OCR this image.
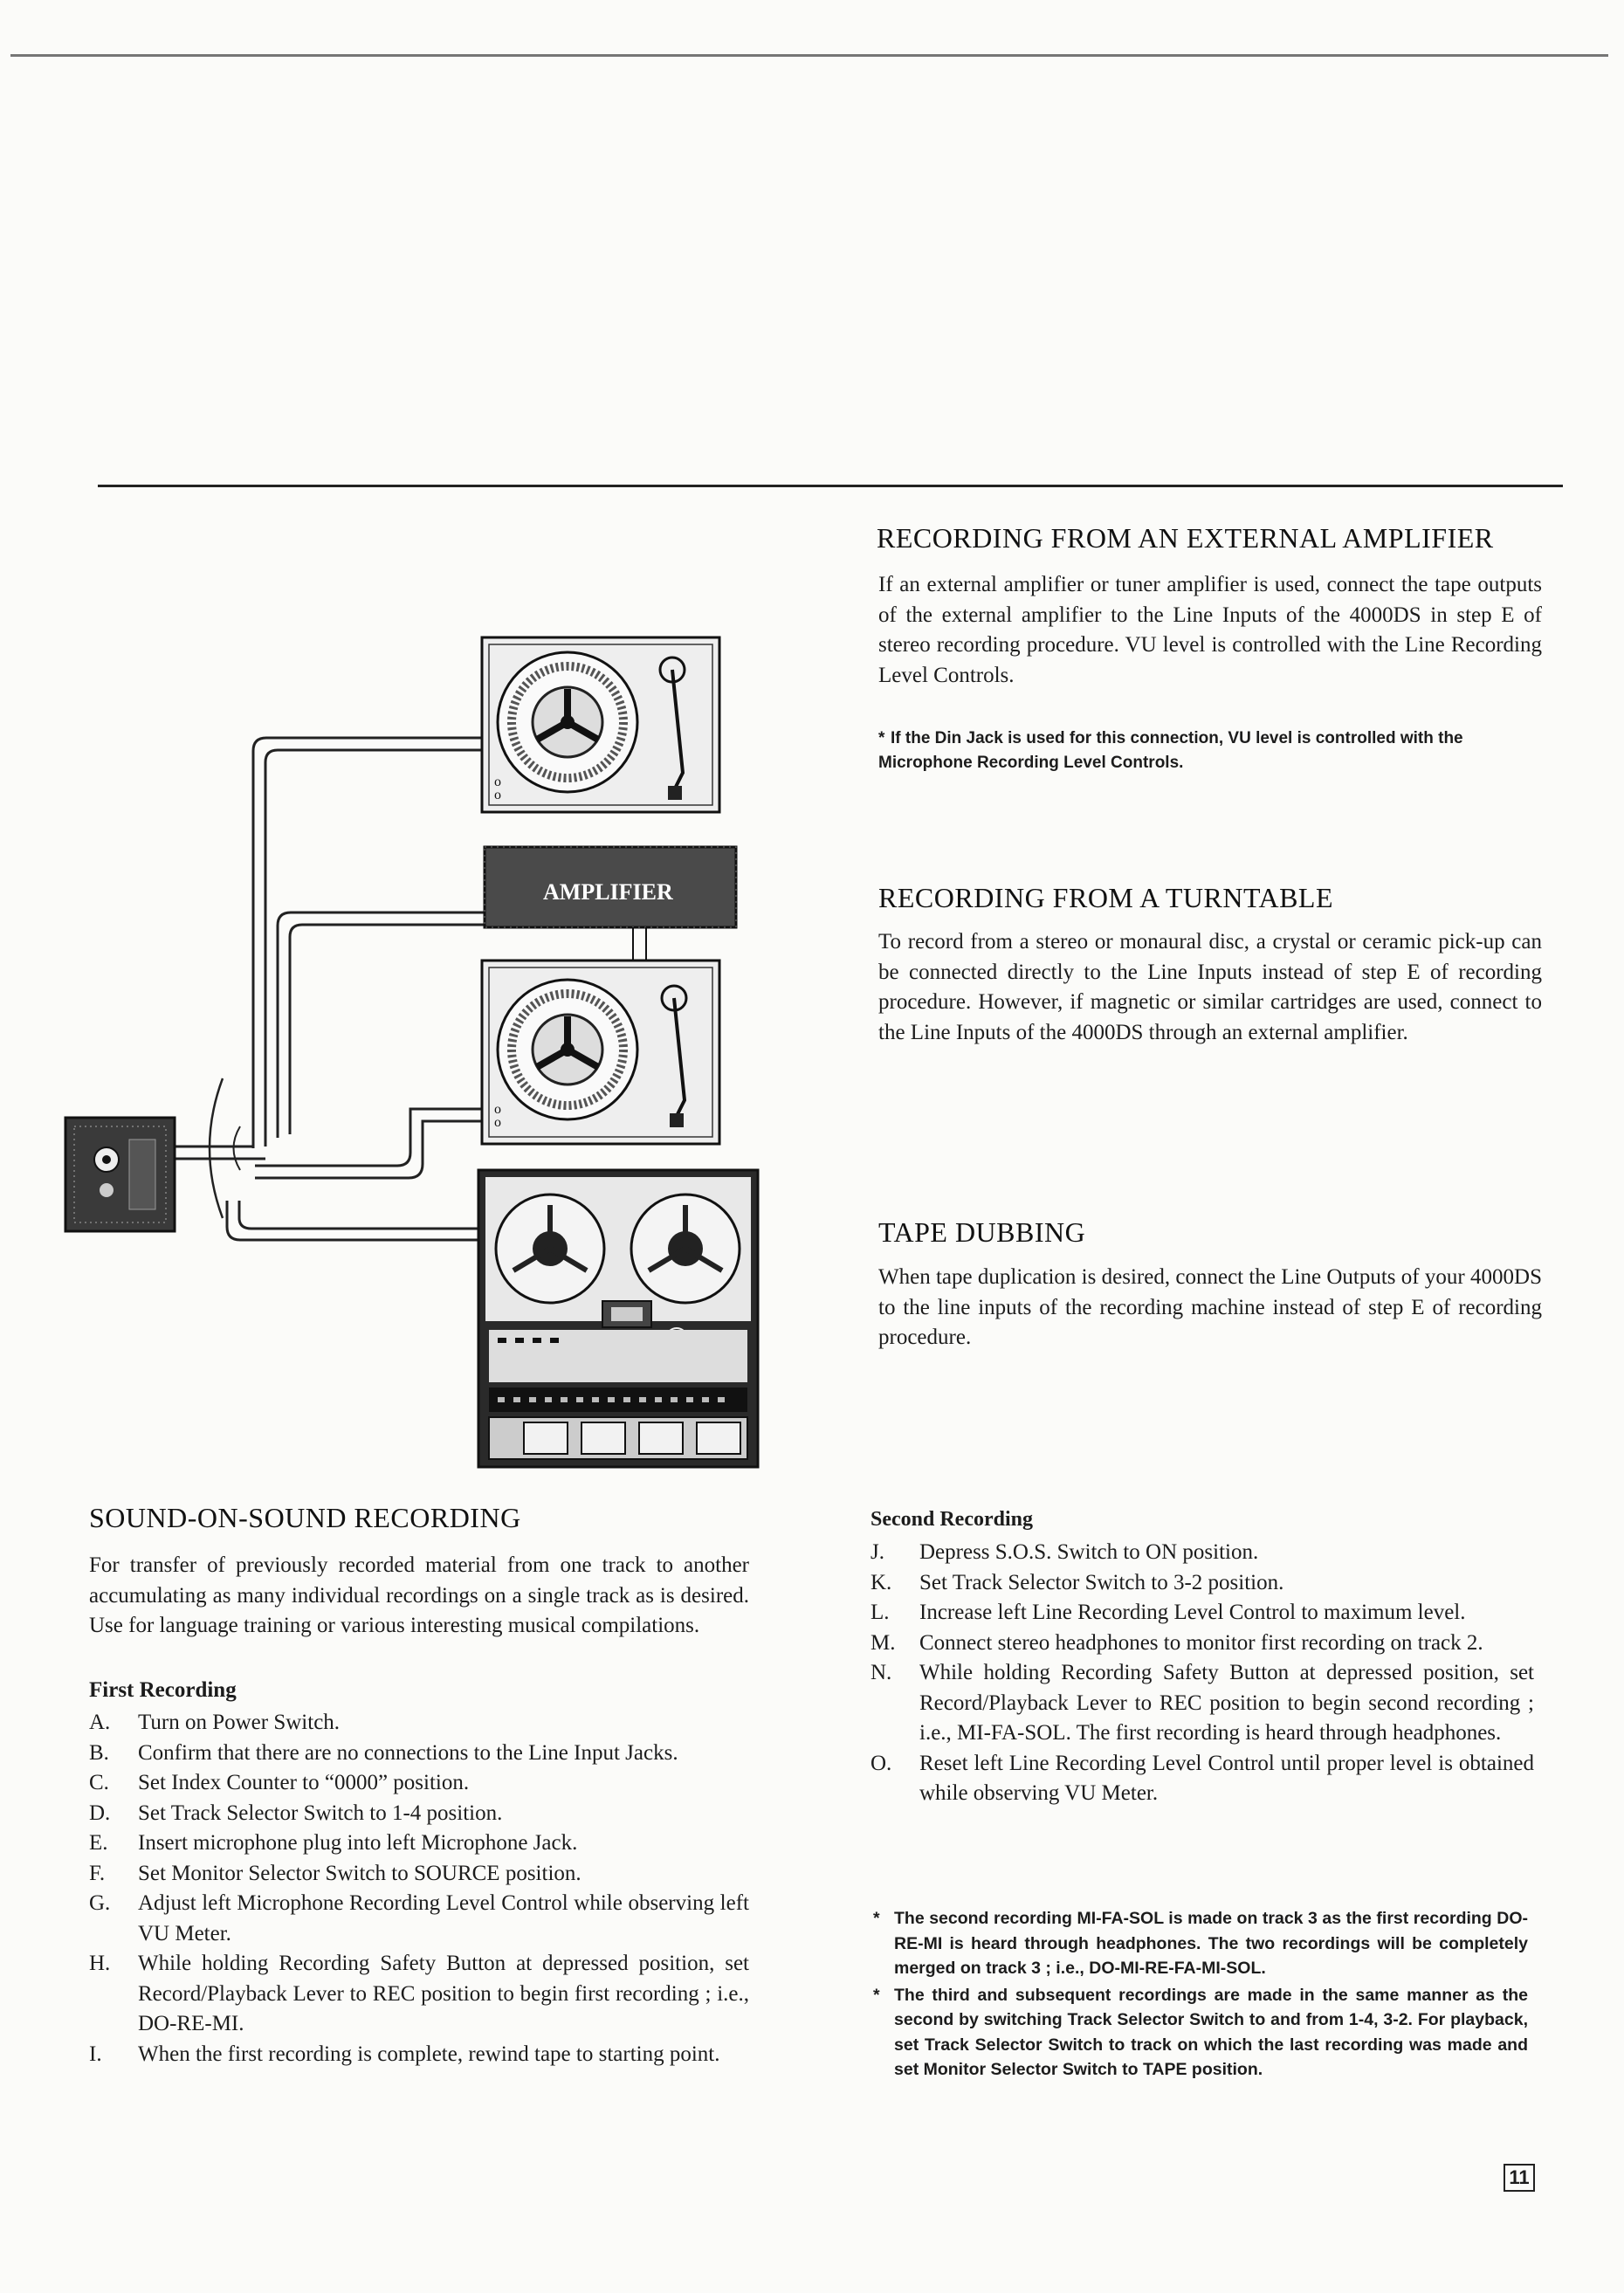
o
o
AMPLIFIER
o
o
RECORDING FROM AN EXTERNAL AMPLIFIER

If an external amplifier or tuner amplifier is used, connect the tape outputs of the external amplifier to the Line Inputs of the 4000DS in step E of stereo recording procedure. VU level is controlled with the Line Recording Level Controls.

* If the Din Jack is used for this connection, VU level is controlled with the Microphone Recording Level Controls.

RECORDING FROM A TURNTABLE

To record from a stereo or monaural disc, a crystal or ceramic pick-up can be connected directly to the Line Inputs instead of step E of recording procedure. However, if magnetic or similar cartridges are used, connect to the Line Inputs of the 4000DS through an external amplifier.

TAPE DUBBING

When tape duplication is desired, connect the Line Outputs of your 4000DS to the line inputs of the recording machine instead of step E of recording procedure.

SOUND-ON-SOUND RECORDING

For transfer of previously recorded material from one track to another accumulating as many individual recordings on a single track as is desired. Use for language training or various interesting musical compilations.

First Recording

A. Turn on Power Switch.
B. Confirm that there are no connections to the Line Input Jacks.
C. Set Index Counter to “0000” position.
D. Set Track Selector Switch to 1-4 position.
E. Insert microphone plug into left Microphone Jack.
F. Set Monitor Selector Switch to SOURCE position.
G. Adjust left Microphone Recording Level Control while observing left VU Meter.
H. While holding Recording Safety Button at depressed position, set Record/Playback Lever to REC position to begin first recording ; i.e., DO-RE-MI.
I. When the first recording is complete, rewind tape to starting point.

Second Recording

J. Depress S.O.S. Switch to ON position.
K. Set Track Selector Switch to 3-2 position.
L. Increase left Line Recording Level Control to maximum level.
M. Connect stereo headphones to monitor first recording on track 2.
N. While holding Recording Safety Button at depressed position, set Record/Playback Lever to REC position to begin second recording ; i.e., MI-FA-SOL. The first recording is heard through headphones.
O. Reset left Line Recording Level Control until proper level is obtained while observing VU Meter.
* The second recording MI-FA-SOL is made on track 3 as the first recording DO-RE-MI is heard through headphones. The two recordings will be completely merged on track 3 ; i.e., DO-MI-RE-FA-MI-SOL.
* The third and subsequent recordings are made in the same manner as the second by switching Track Selector Switch to and from 1-4, 3-2. For playback, set Track Selector Switch to track on which the last recording was made and set Monitor Selector Switch to TAPE position.
11
